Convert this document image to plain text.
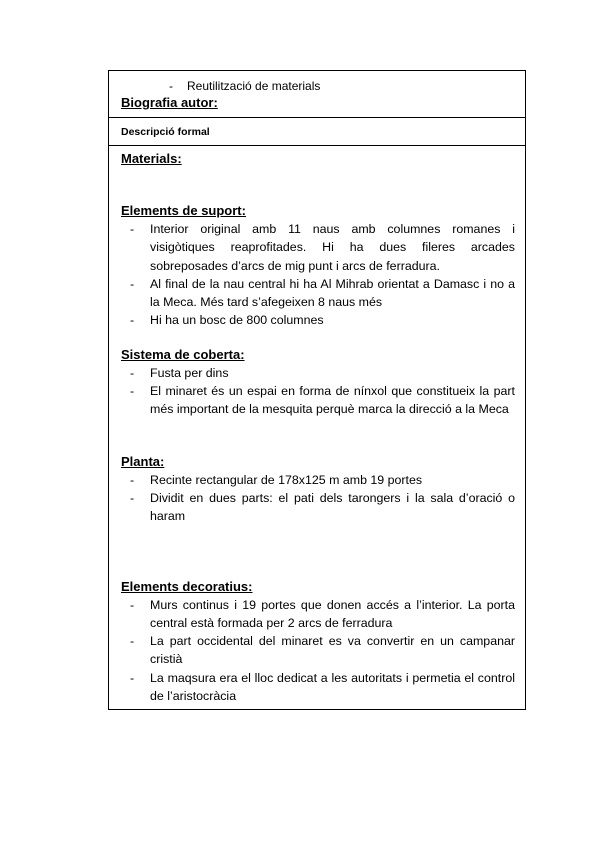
- Reutilització de materials
Biografia autor:
Descripció formal
Materials:
Elements de suport:
- Interior original amb 11 naus amb columnes romanes i visigòtiques reaprofitades. Hi ha dues fileres arcades sobreposades d’arcs de mig punt i arcs de ferradura.
- Al final de la nau central hi ha Al Mihrab orientat a Damasc i no a la Meca. Més tard s’afegeixen 8 naus més
- Hi ha un bosc de 800 columnes
Sistema de coberta:
- Fusta per dins
- El minaret és un espai en forma de nínxol que constitueix la part més important de la mesquita perquè marca la direcció a la Meca
Planta:
- Recinte rectangular de 178x125 m amb 19 portes
- Dividit en dues parts: el pati dels tarongers i la sala d’oració o haram
Elements decoratius:
- Murs continus i 19 portes que donen accés a l’interior. La porta central està formada per 2 arcs de ferradura
- La part occidental del minaret es va convertir en un campanar cristià
- La maqsura era el lloc dedicat a les autoritats i permetia el control de l’aristocràcia
